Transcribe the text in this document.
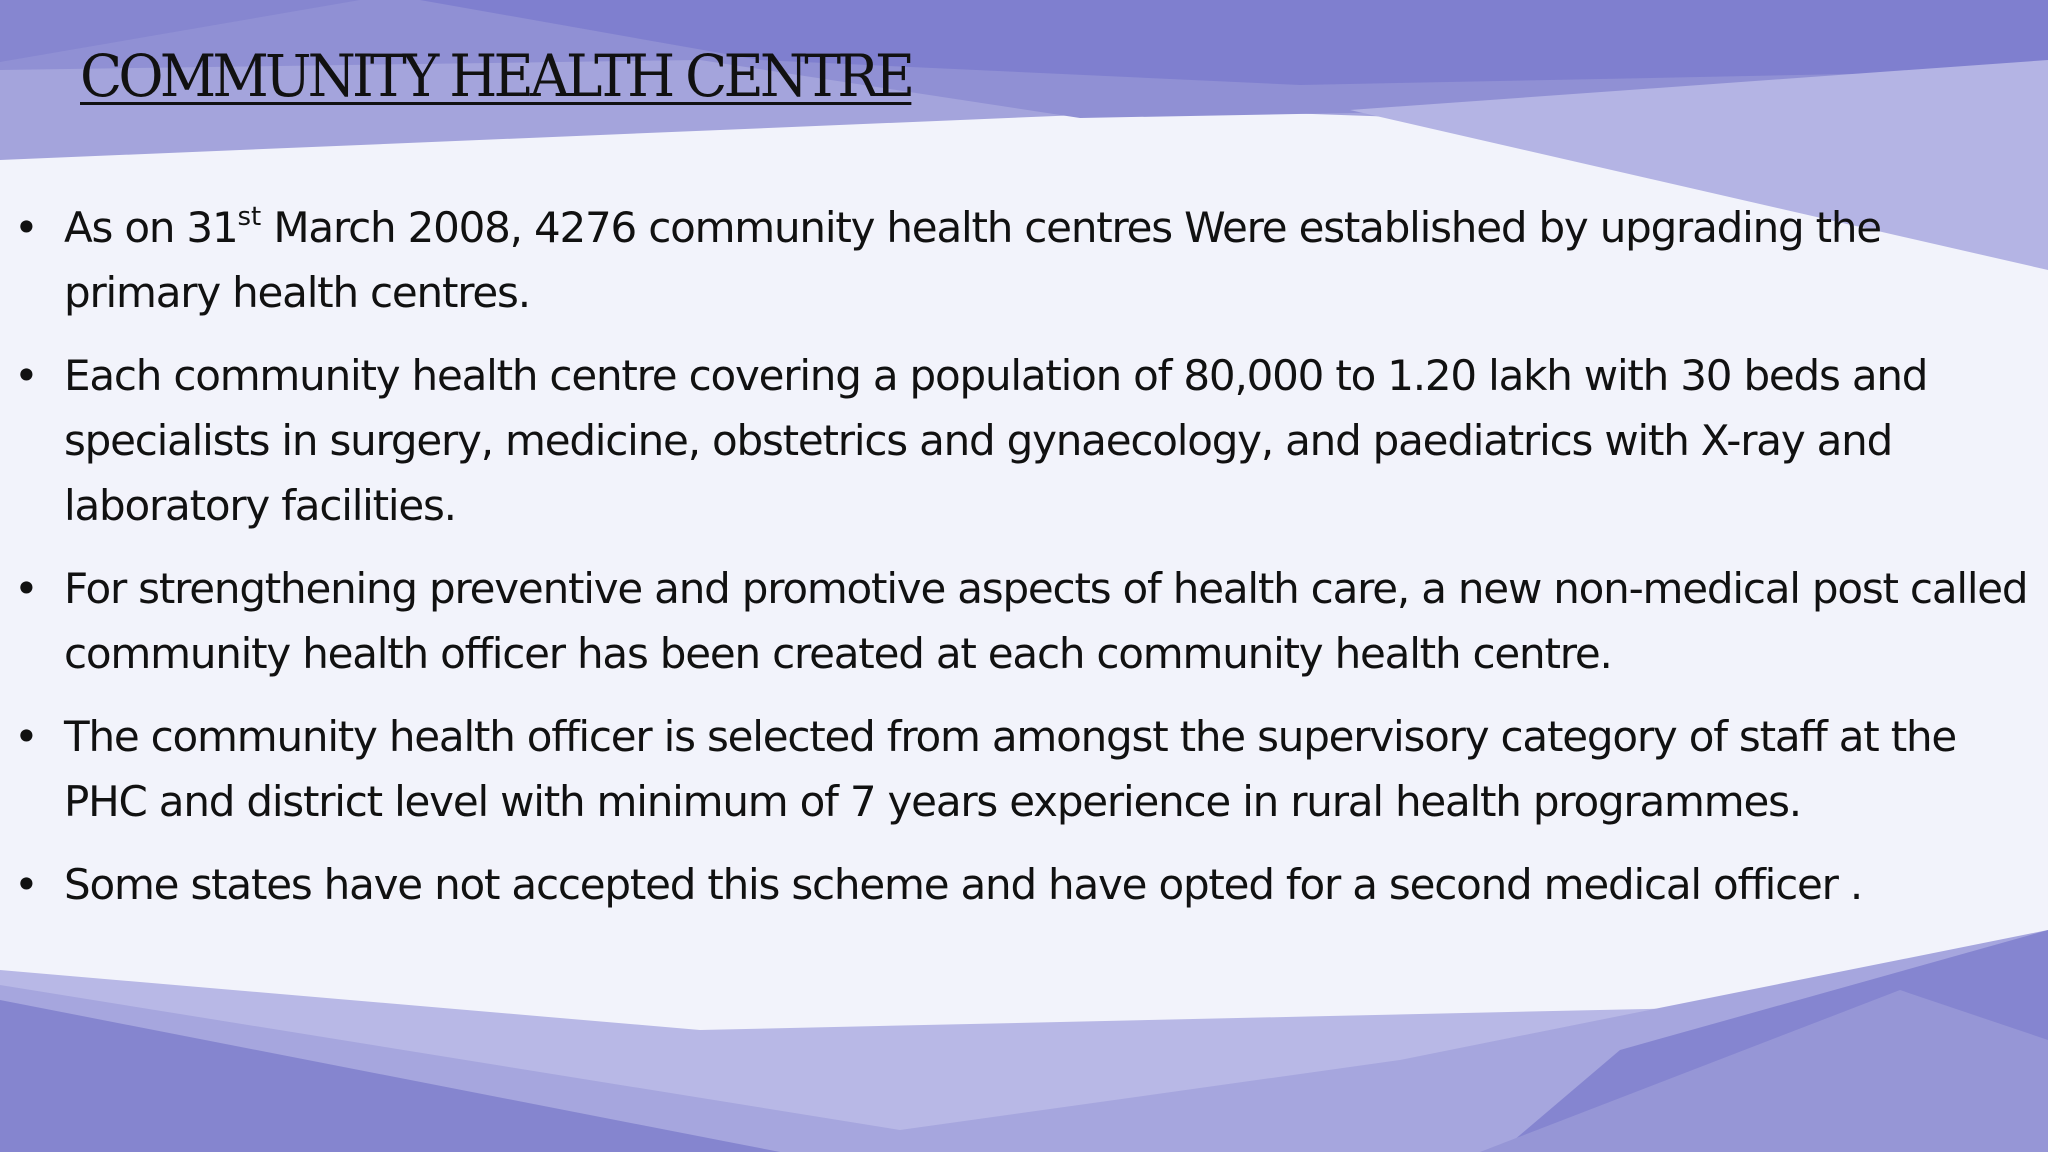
COMMUNITY HEALTH CENTRE
• As on 31st March 2008, 4276 community health centres Were established by upgrading the primary health centres.
• Each community health centre covering a population of 80,000 to 1.20 lakh with 30 beds and specialists in surgery, medicine, obstetrics and gynaecology, and paediatrics with X-ray and laboratory facilities.
• For strengthening preventive and promotive aspects of health care, a new non-medical post called community health officer has been created at each community health centre.
• The community health officer is selected from amongst the supervisory category of staff at the PHC and district level with minimum of 7 years experience in rural health programmes.
• Some states have not accepted this scheme and have opted for a second medical officer .
